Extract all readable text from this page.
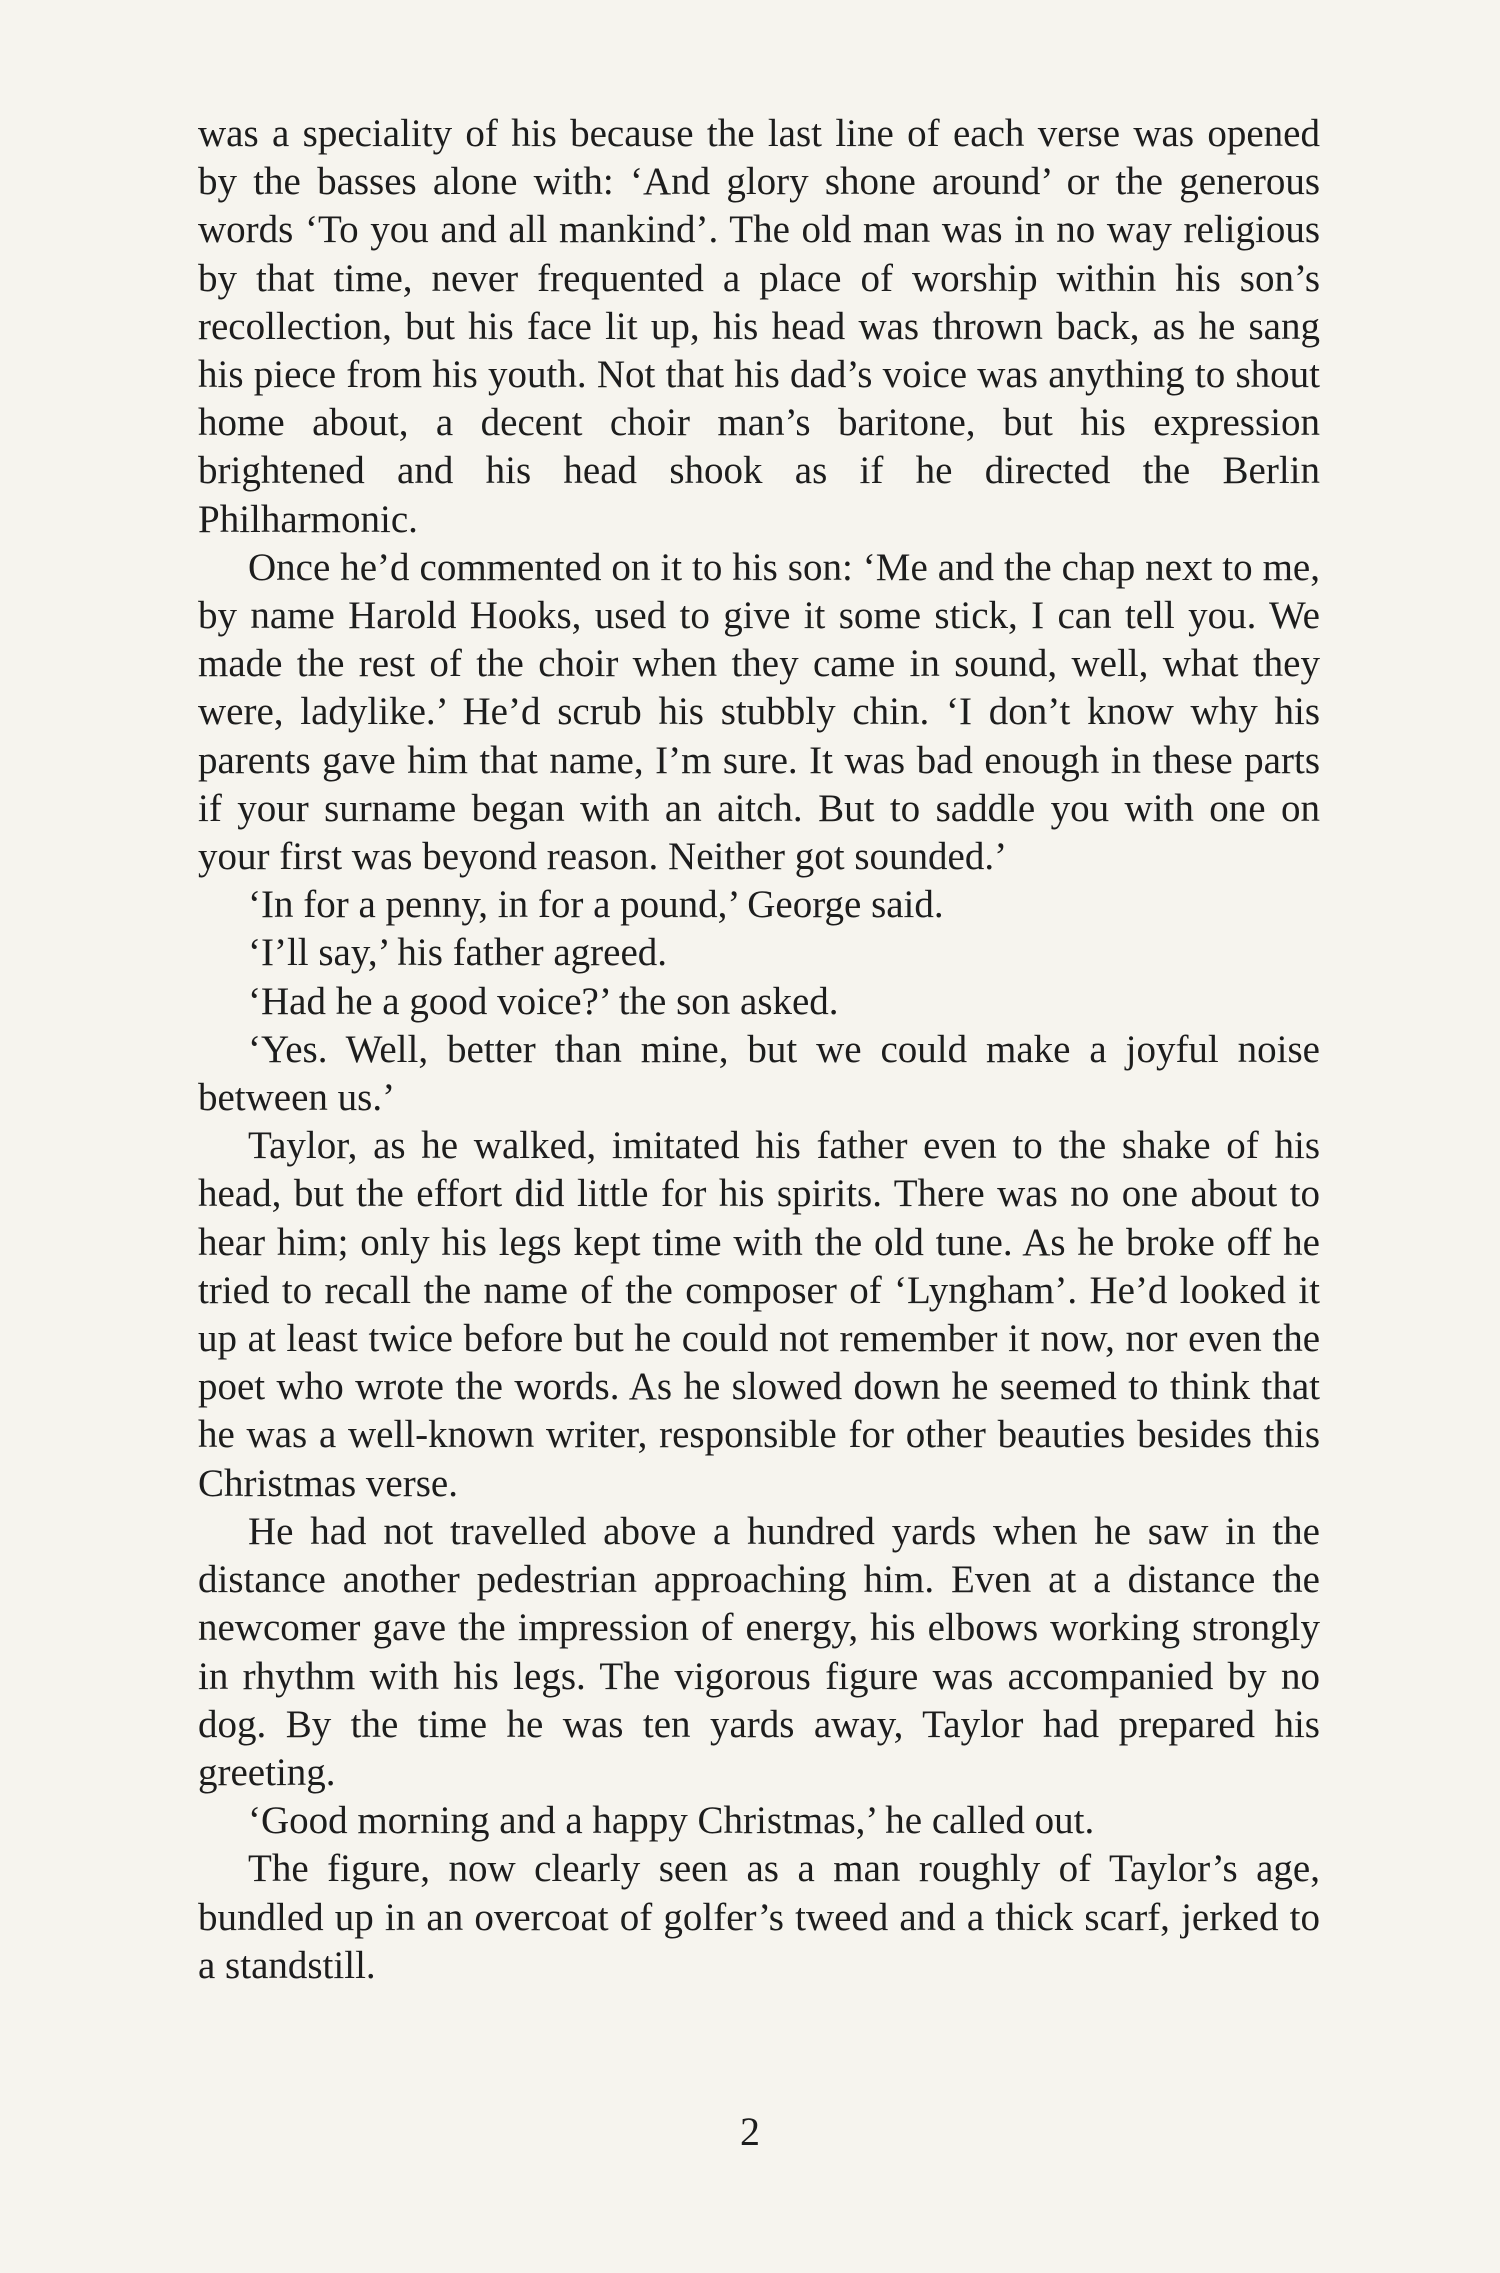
was a speciality of his because the last line of each verse was opened by the basses alone with: ‘And glory shone around’ or the generous words ‘To you and all mankind’. The old man was in no way religious by that time, never frequented a place of worship within his son’s recollection, but his face lit up, his head was thrown back, as he sang his piece from his youth. Not that his dad’s voice was anything to shout home about, a decent choir man’s baritone, but his expression brightened and his head shook as if he directed the Berlin Philharmonic.

Once he’d commented on it to his son: ‘Me and the chap next to me, by name Harold Hooks, used to give it some stick, I can tell you. We made the rest of the choir when they came in sound, well, what they were, ladylike.’ He’d scrub his stubbly chin. ‘I don’t know why his parents gave him that name, I’m sure. It was bad enough in these parts if your surname began with an aitch. But to saddle you with one on your first was beyond reason. Neither got sounded.’

‘In for a penny, in for a pound,’ George said.

‘I’ll say,’ his father agreed.

‘Had he a good voice?’ the son asked.

‘Yes. Well, better than mine, but we could make a joyful noise between us.’

Taylor, as he walked, imitated his father even to the shake of his head, but the effort did little for his spirits. There was no one about to hear him; only his legs kept time with the old tune. As he broke off he tried to recall the name of the composer of ‘Lyngham’. He’d looked it up at least twice before but he could not remember it now, nor even the poet who wrote the words. As he slowed down he seemed to think that he was a well-known writer, responsible for other beauties besides this Christmas verse.

He had not travelled above a hundred yards when he saw in the distance another pedestrian approaching him. Even at a distance the newcomer gave the impression of energy, his elbows working strongly in rhythm with his legs. The vigorous figure was accompanied by no dog. By the time he was ten yards away, Taylor had prepared his greeting.

‘Good morning and a happy Christmas,’ he called out.

The figure, now clearly seen as a man roughly of Taylor’s age, bundled up in an overcoat of golfer’s tweed and a thick scarf, jerked to a standstill.

2
